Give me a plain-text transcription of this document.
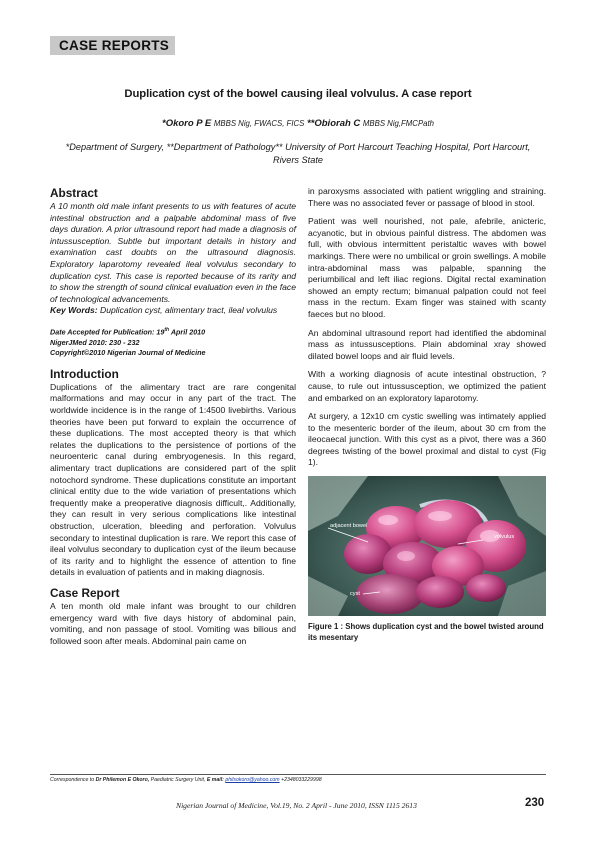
CASE REPORTS
Duplication cyst of the bowel causing ileal volvulus. A case report
*Okoro P E MBBS Nig, FWACS, FICS **Obiorah C MBBS Nig,FMCPath
*Department of Surgery, **Department of Pathology** University of Port Harcourt Teaching Hospital, Port Harcourt, Rivers State
Abstract

A 10 month old male infant presents to us with features of acute intestinal obstruction and a palpable abdominal mass of five days duration. A prior ultrasound report had made a diagnosis of intussusception. Subtle but important details in history and examination cast doubts on the ultrasound diagnosis. Exploratory laparotomy revealed ileal volvulus secondary to duplication cyst. This case is reported because of its rarity and to show the strength of sound clinical evaluation even in the face of technological advancements.

Key Words: Duplication cyst, alimentary tract, ileal volvulus

Date Accepted for Publication: 19th April 2010
NigerJMed 2010: 230 - 232
Copyright©2010 Nigerian Journal of Medicine
Introduction

Duplications of the alimentary tract are rare congenital malformations and may occur in any part of the tract. The worldwide incidence is in the range of 1:4500 livebirths. Various theories have been put forward to explain the occurrence of these duplications. The most accepted theory is that which relates the duplications to the persistence of portions of the neuroenteric canal during embryogenesis. In this regard, alimentary tract duplications are considered part of the split notochord syndrome. These duplications constitute an important clinical entity due to the wide variation of presentations which frequently make a preoperative diagnosis difficult,. Additionally, they can result in very serious complications like intestinal obstruction, ulceration, bleeding and perforation. Volvulus secondary to intestinal duplication is rare. We report this case of ileal volvulus secondary to duplication cyst of the ileum because of its rarity and to highlight the essence of attention to fine details in evaluation of patients and in making diagnosis.

Case Report

A ten month old male infant was brought to our children emergency ward with five days history of abdominal pain, vomiting, and non passage of stool. Vomiting was bilious and followed soon after meals. Abdominal pain came on

in paroxysms associated with patient wriggling and straining. There was no associated fever or passage of blood in stool.

Patient was well nourished, not pale, afebrile, anicteric, acyanotic, but in obvious painful distress. The abdomen was full, with obvious intermittent peristaltic waves with bowel markings. There were no umbilical or groin swellings. A mobile intra-abdominal mass was palpable, spanning the periumbilical and left iliac regions. Digital rectal examination showed an empty rectum; bimanual palpation could not feel mass in the rectum. Exam finger was stained with scanty faeces but no blood.

An abdominal ultrasound report had identified the abdominal mass as intussusceptions. Plain abdominal xray showed dilated bowel loops and air fluid levels.

With a working diagnosis of acute intestinal obstruction, ? cause, to rule out intussusception, we optimized the patient and embarked on an exploratory laparotomy.

At surgery, a 12x10 cm cystic swelling was intimately applied to the mesenteric border of the ileum, about 30 cm from the ileocaecal junction. With this cyst as a pivot, there was a 360 degrees twisting of the bowel proximal and distal to cyst (Fig 1).

adjacent bowel
volvulus
cyst
Figure 1 : Shows duplication cyst and the bowel twisted around its mesentary
Correspondence to Dr Philemon E Okoro, Paediatric Surgery Unit, E mail: philsokoro@yahoo.com +2348033229998
Nigerian Journal of Medicine, Vol.19, No. 2 April - June 2010, ISSN 1115 2613	230
